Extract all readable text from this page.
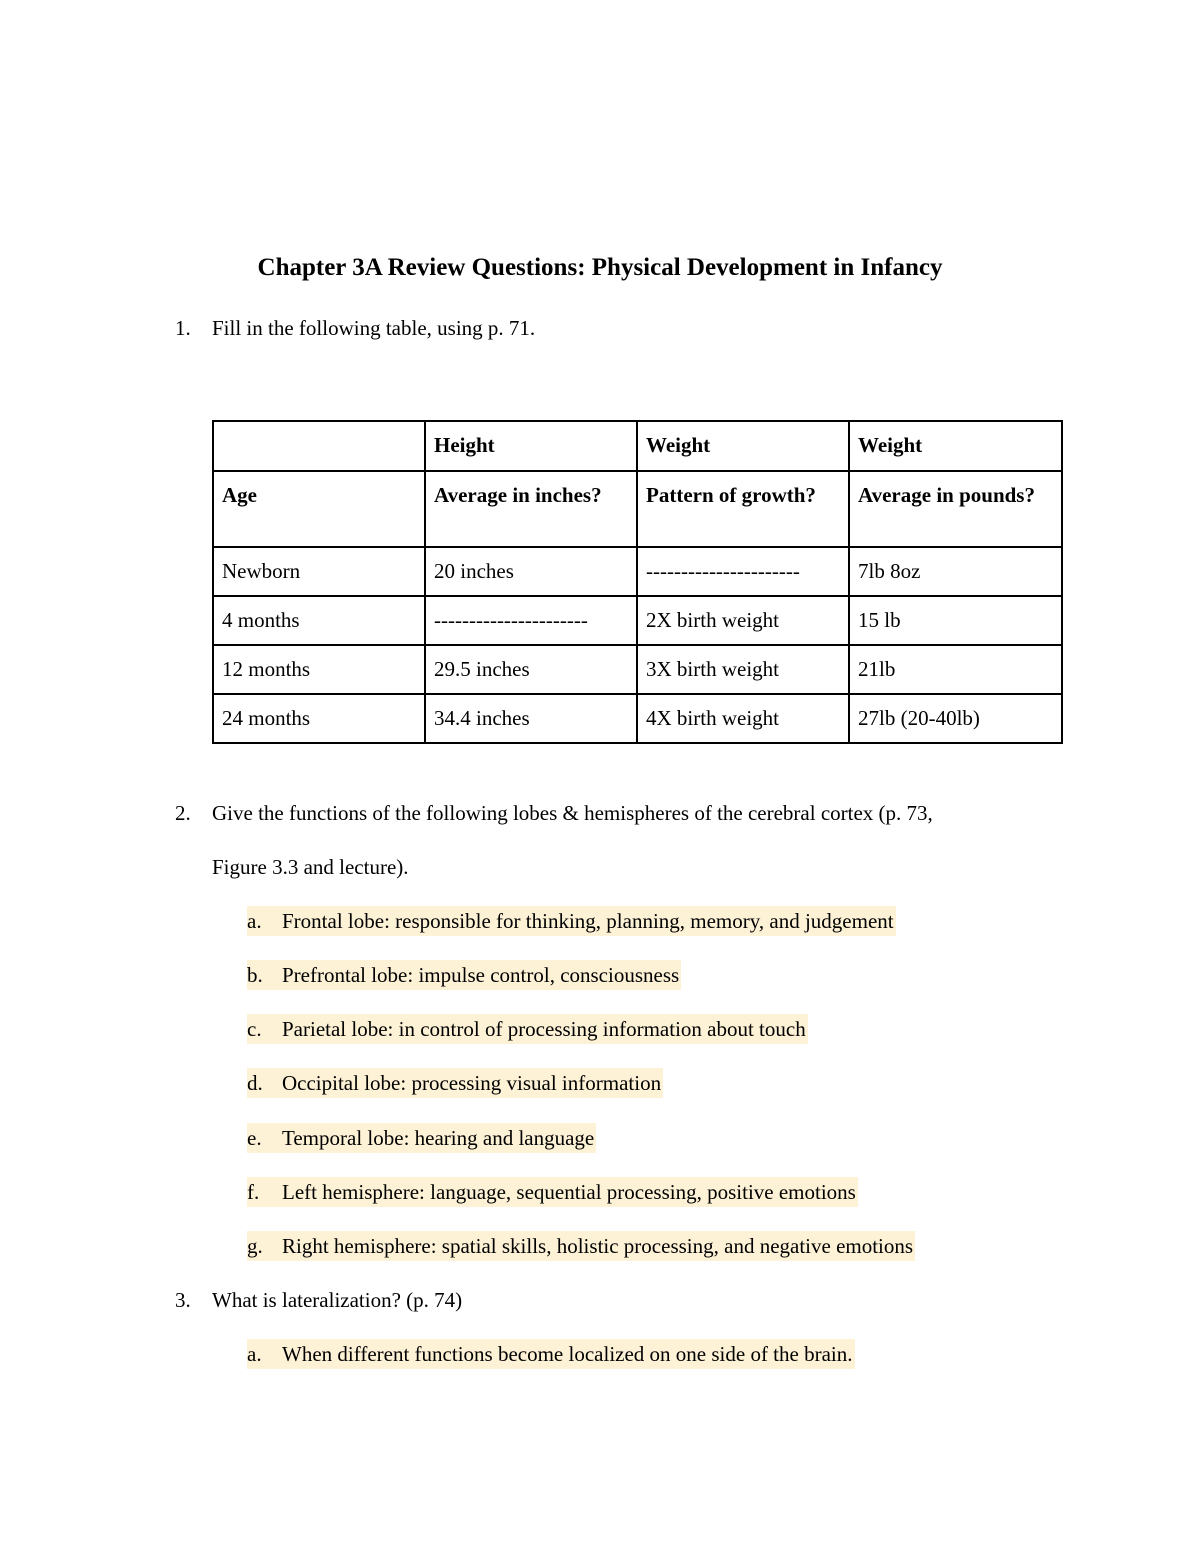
Chapter 3A Review Questions: Physical Development in Infancy
1. Fill in the following table, using p. 71.
	Height	Weight	Weight
Age	Average in inches?	Pattern of growth?	Average in pounds?
Newborn	20 inches	----------------------	7lb 8oz
4 months	----------------------	2X birth weight	15 lb
12 months	29.5 inches	3X birth weight	21lb
24 months	34.4 inches	4X birth weight	27lb (20-40lb)
2. Give the functions of the following lobes & hemispheres of the cerebral cortex (p. 73,
Figure 3.3 and lecture).
a. Frontal lobe: responsible for thinking, planning, memory, and judgement
b. Prefrontal lobe: impulse control, consciousness
c. Parietal lobe: in control of processing information about touch
d. Occipital lobe: processing visual information
e. Temporal lobe: hearing and language
f. Left hemisphere: language, sequential processing, positive emotions
g. Right hemisphere: spatial skills, holistic processing, and negative emotions
3. What is lateralization? (p. 74)
a. When different functions become localized on one side of the brain.
